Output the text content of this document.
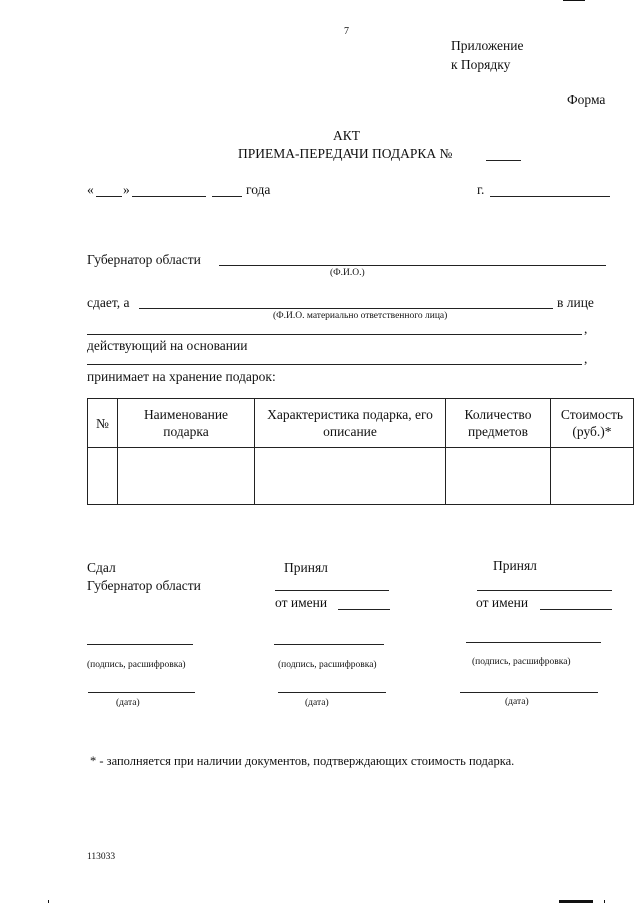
7
Приложение
к Порядку
Форма
АКТ
ПРИЕМА-ПЕРЕДАЧИ ПОДАРКА №
« »	года	г.
Губернатор области
(Ф.И.О.)
сдает, а	в лице
(Ф.И.О. материально ответственного лица)
,
действующий на основании
,
принимает на хранение подарок:
№	Наименование подарка	Характеристика подарка, его описание	Количество предметов	Стоимость (руб.)*

Сдал
Губернатор области
(подпись, расшифровка)
(дата)
Принял
от имени
(подпись, расшифровка)
(дата)
Принял
от имени
(подпись, расшифровка)
(дата)
* - заполняется при наличии документов, подтверждающих стоимость подарка.
113033
